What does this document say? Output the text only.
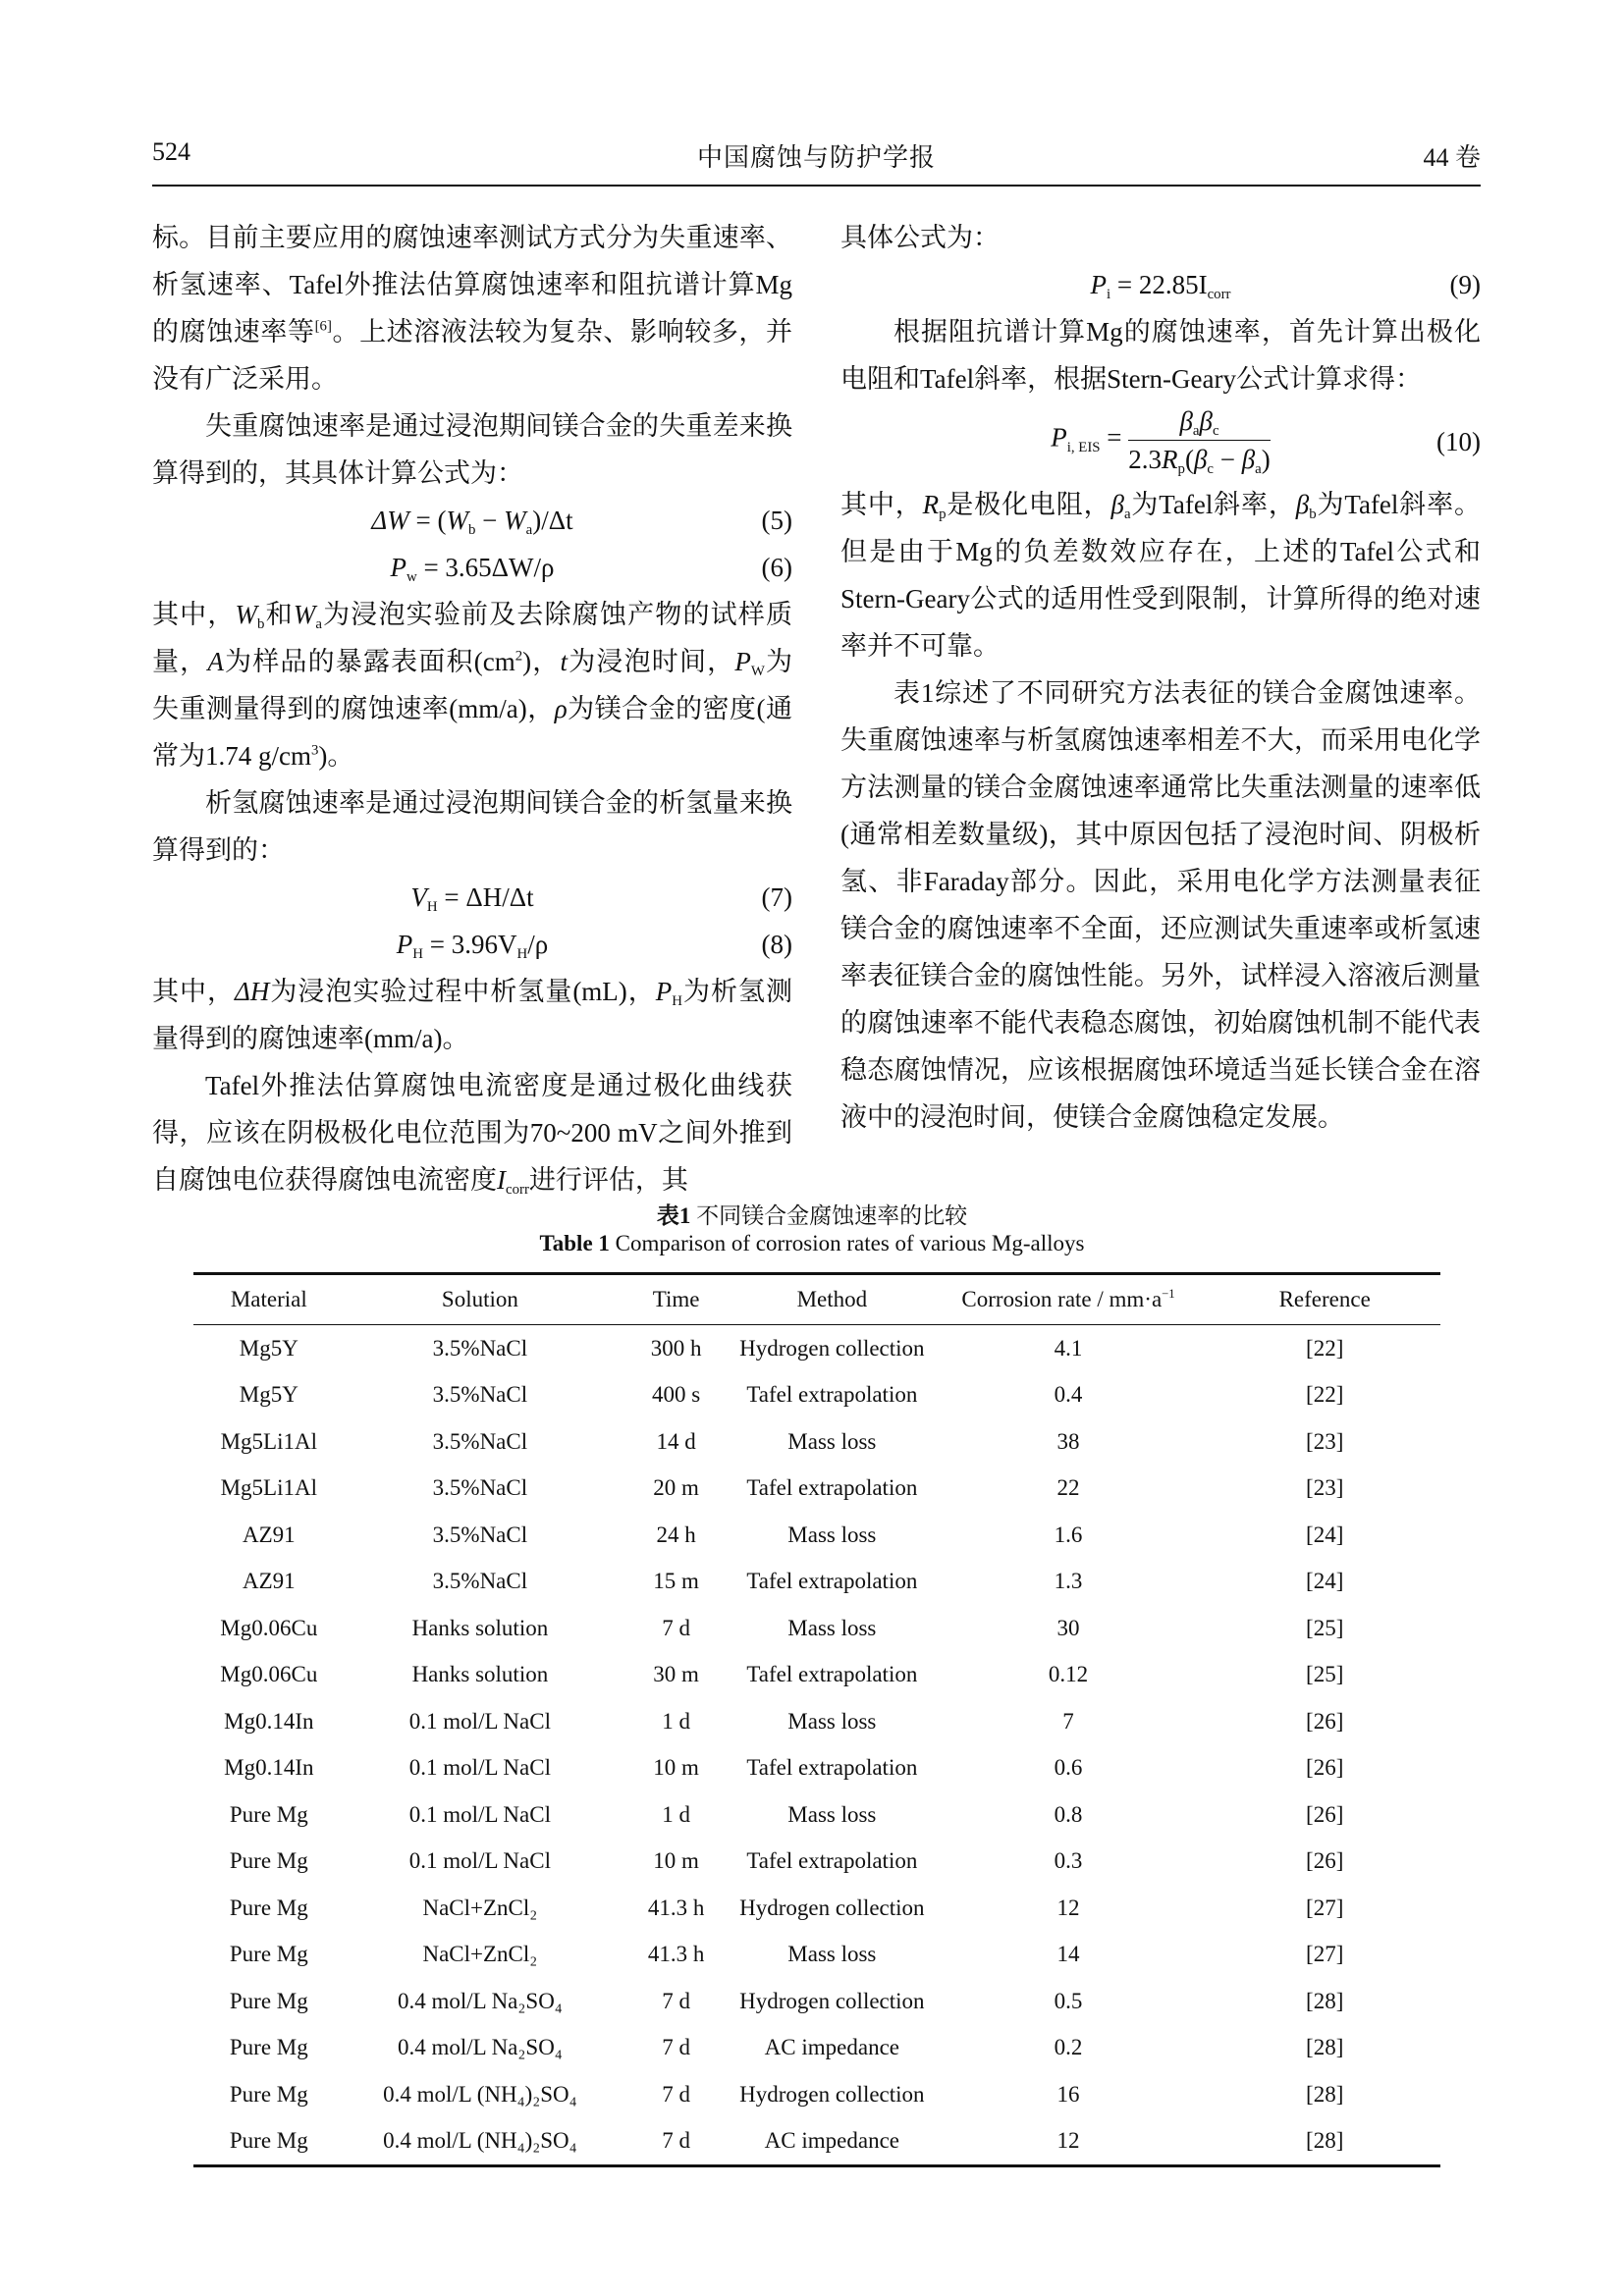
524	中国腐蚀与防护学报	44 卷

标。目前主要应用的腐蚀速率测试方式分为失重速率、析氢速率、Tafel外推法估算腐蚀速率和阻抗谱计算Mg的腐蚀速率等[6]。上述溶液法较为复杂、影响较多，并没有广泛采用。

失重腐蚀速率是通过浸泡期间镁合金的失重差来换算得到的，其具体计算公式为：

$\Delta W = (W_b - W_a)/\Delta t$	(5)
$P_w = 3.65\Delta W/\rho$	(6)

其中，$W_b$和$W_a$为浸泡实验前及去除腐蚀产物的试样质量，A为样品的暴露表面积$(cm^2)$，t为浸泡时间，$P_W$为失重测量得到的腐蚀速率(mm/a)，ρ为镁合金的密度(通常为1.74 $g/cm^3$)。

析氢腐蚀速率是通过浸泡期间镁合金的析氢量来换算得到的：

$V_H = \Delta H/\Delta t$	(7)
$P_H = 3.96V_H/\rho$	(8)

其中，ΔH为浸泡实验过程中析氢量(mL)，$P_H$为析氢测量得到的腐蚀速率(mm/a)。

Tafel外推法估算腐蚀电流密度是通过极化曲线获得，应该在阴极极化电位范围为70~200 mV之间外推到自腐蚀电位获得腐蚀电流密度$I_{corr}$进行评估，其

具体公式为：

$P_i = 22.85I_{corr}$	(9)

根据阻抗谱计算Mg的腐蚀速率，首先计算出极化电阻和Tafel斜率，根据Stern-Geary公式计算求得：

$P_{i, EIS} = \frac{\beta_a\beta_c}{2.3R_p(\beta_c - \beta_a)}$	(10)

其中，$R_p$是极化电阻，$\beta_a$为Tafel斜率，$\beta_b$为Tafel斜率。但是由于Mg的负差数效应存在，上述的Tafel公式和Stern-Geary公式的适用性受到限制，计算所得的绝对速率并不可靠。

表1综述了不同研究方法表征的镁合金腐蚀速率。失重腐蚀速率与析氢腐蚀速率相差不大，而采用电化学方法测量的镁合金腐蚀速率通常比失重法测量的速率低(通常相差数量级)，其中原因包括了浸泡时间、阴极析氢、非Faraday部分。因此，采用电化学方法测量表征镁合金的腐蚀速率不全面，还应测试失重速率或析氢速率表征镁合金的腐蚀性能。另外，试样浸入溶液后测量的腐蚀速率不能代表稳态腐蚀，初始腐蚀机制不能代表稳态腐蚀情况，应该根据腐蚀环境适当延长镁合金在溶液中的浸泡时间，使镁合金腐蚀稳定发展。

表1 不同镁合金腐蚀速率的比较
Table 1 Comparison of corrosion rates of various Mg-alloys
Material	Solution	Time	Method	Corrosion rate / $mm\cdot a^{-1}$	Reference
Mg5Y	3.5%NaCl	300 h	Hydrogen collection	4.1	[22]
Mg5Y	3.5%NaCl	400 s	Tafel extrapolation	0.4	[22]
Mg5Li1Al	3.5%NaCl	14 d	Mass loss	38	[23]
Mg5Li1Al	3.5%NaCl	20 m	Tafel extrapolation	22	[23]
AZ91	3.5%NaCl	24 h	Mass loss	1.6	[24]
AZ91	3.5%NaCl	15 m	Tafel extrapolation	1.3	[24]
Mg0.06Cu	Hanks solution	7 d	Mass loss	30	[25]
Mg0.06Cu	Hanks solution	30 m	Tafel extrapolation	0.12	[25]
Mg0.14In	0.1 mol/L NaCl	1 d	Mass loss	7	[26]
Mg0.14In	0.1 mol/L NaCl	10 m	Tafel extrapolation	0.6	[26]
Pure Mg	0.1 mol/L NaCl	1 d	Mass loss	0.8	[26]
Pure Mg	0.1 mol/L NaCl	10 m	Tafel extrapolation	0.3	[26]
Pure Mg	NaCl+ZnCl₂	41.3 h	Hydrogen collection	12	[27]
Pure Mg	NaCl+ZnCl₂	41.3 h	Mass loss	14	[27]
Pure Mg	0.4 mol/L Na₂SO₄	7 d	Hydrogen collection	0.5	[28]
Pure Mg	0.4 mol/L Na₂SO₄	7 d	AC impedance	0.2	[28]
Pure Mg	0.4 mol/L (NH₄)₂SO₄	7 d	Hydrogen collection	16	[28]
Pure Mg	0.4 mol/L (NH₄)₂SO₄	7 d	AC impedance	12	[28]
